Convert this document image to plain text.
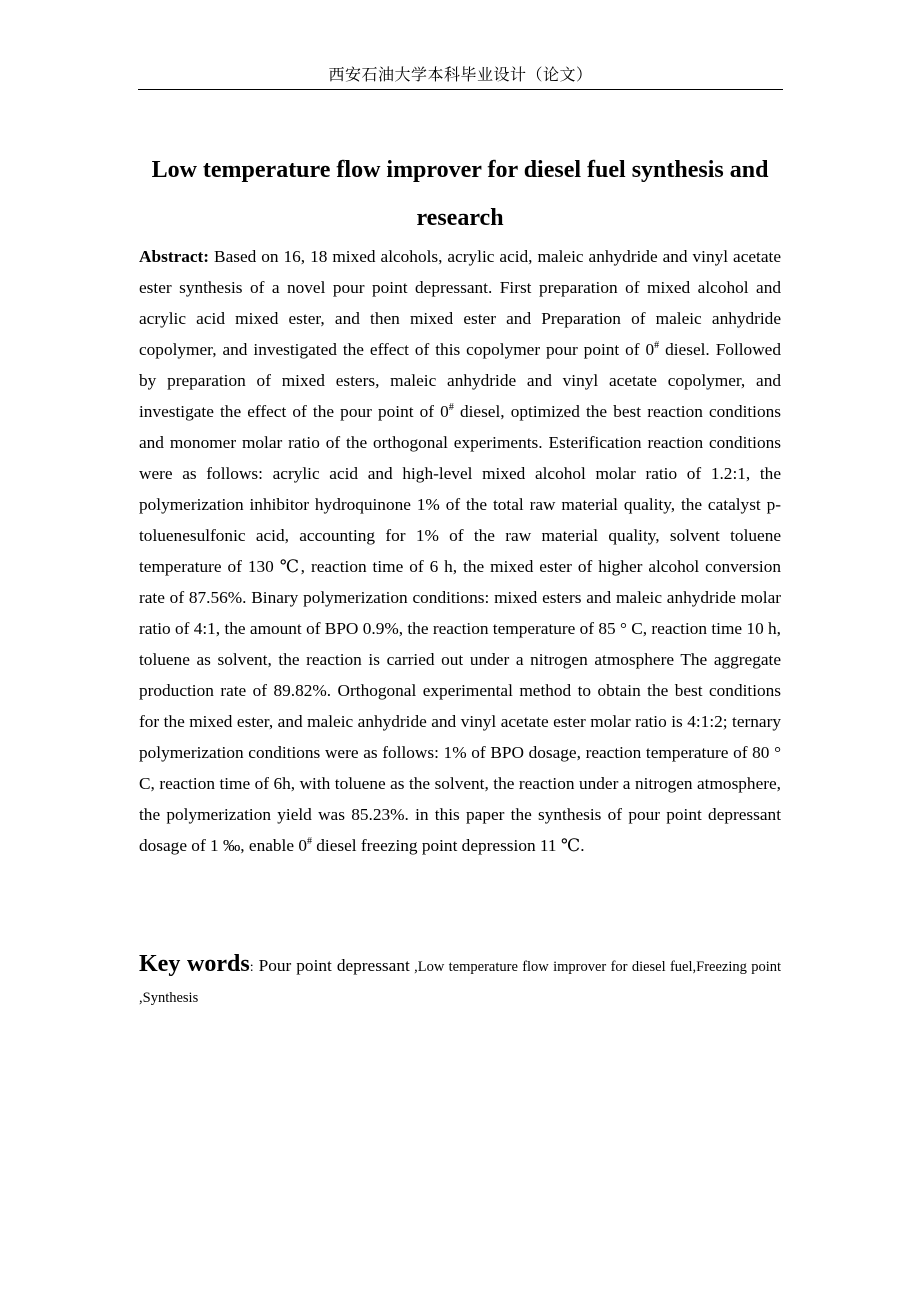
西安石油大学本科毕业设计（论文）
Low temperature flow improver for diesel fuel synthesis and research

Abstract: Based on 16, 18 mixed alcohols, acrylic acid, maleic anhydride and vinyl acetate ester synthesis of a novel pour point depressant. First preparation of mixed alcohol and acrylic acid mixed ester, and then mixed ester and Preparation of maleic anhydride copolymer, and investigated the effect of this copolymer pour point of 0# diesel. Followed by preparation of mixed esters, maleic anhydride and vinyl acetate copolymer, and investigate the effect of the pour point of 0# diesel, optimized the best reaction conditions and monomer molar ratio of the orthogonal experiments. Esterification reaction conditions were as follows: acrylic acid and high-level mixed alcohol molar ratio of 1.2:1, the polymerization inhibitor hydroquinone 1% of the total raw material quality, the catalyst p-toluenesulfonic acid, accounting for 1% of the raw material quality, solvent toluene temperature of 130 ℃, reaction time of 6 h, the mixed ester of higher alcohol conversion rate of 87.56%. Binary polymerization conditions: mixed esters and maleic anhydride molar ratio of 4:1, the amount of BPO 0.9%, the reaction temperature of 85 ° C, reaction time 10 h, toluene as solvent, the reaction is carried out under a nitrogen atmosphere The aggregate production rate of 89.82%. Orthogonal experimental method to obtain the best conditions for the mixed ester, and maleic anhydride and vinyl acetate ester molar ratio is 4:1:2; ternary polymerization conditions were as follows: 1% of BPO dosage, reaction temperature of 80 ° C, reaction time of 6h, with toluene as the solvent, the reaction under a nitrogen atmosphere, the polymerization yield was 85.23%. in this paper the synthesis of pour point depressant dosage of 1 ‰, enable 0# diesel freezing point depression 11 ℃.

Key words: Pour point depressant ,Low temperature flow improver for diesel fuel,Freezing point ,Synthesis
